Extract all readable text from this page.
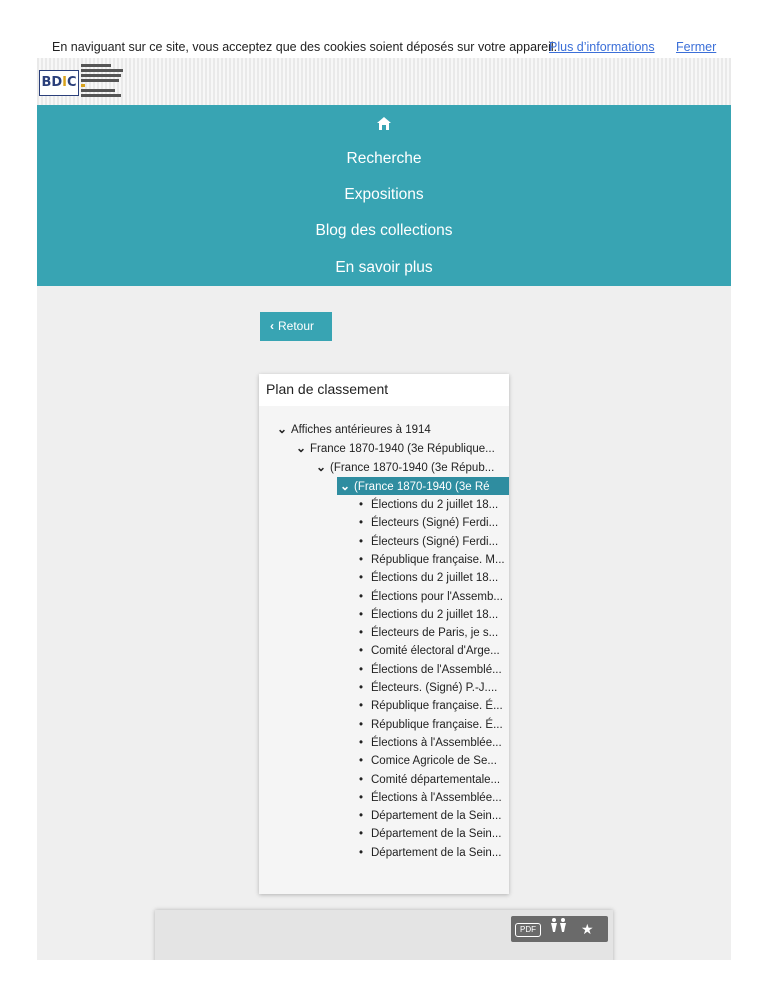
En naviguant sur ce site, vous acceptez que des cookies soient déposés sur votre appareil.
Plus d’informations Fermer
BDIC
Recherche
Expositions
Blog des collections
En savoir plus
‹ Retour
Plan de classement
⌄ Affiches antérieures à 1914
⌄ France 1870-1940 (3e République...
⌄ (France 1870-1940 (3e Répub...
⌄ (France 1870-1940 (3e Ré
• Élections du 2 juillet 18...
• Électeurs (Signé) Ferdi...
• Électeurs (Signé) Ferdi...
• République française. M...
• Élections du 2 juillet 18...
• Élections pour l'Assemb...
• Élections du 2 juillet 18...
• Électeurs de Paris, je s...
• Comité électoral d'Arge...
• Élections de l'Assemblé...
• Électeurs. (Signé) P.-J....
• République française. É...
• République française. É...
• Élections à l'Assemblée...
• Comice Agricole de Se...
• Comité départementale...
• Élections à l'Assemblée...
• Département de la Sein...
• Département de la Sein...
• Département de la Sein...
PDF	★
